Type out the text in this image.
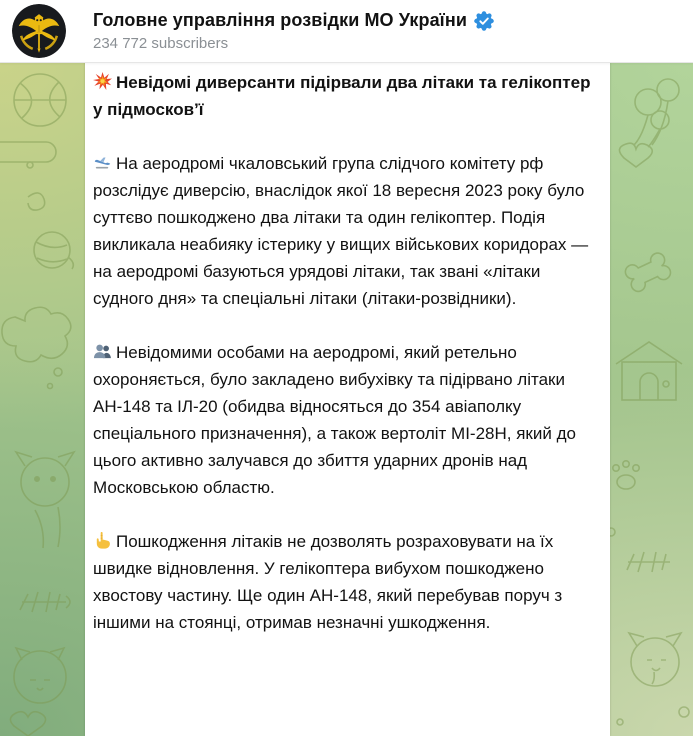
Головне управління розвідки МО України
234 772 subscribers

Невідомі диверсанти підірвали два літаки та гелікоптер у підмосков’ї

На аеродромі чкаловський група слідчого комітету рф розслідує диверсію, внаслідок якої 18 вересня 2023 року було суттєво пошкоджено два літаки та один гелікоптер. Подія викликала неабияку істерику у вищих військових коридорах — на аеродромі базуються урядові літаки, так звані «літаки судного дня» та спеціальні літаки (літаки-розвідники).

Невідомими особами на аеродромі, який ретельно охороняється, було закладено вибухівку та підірвано літаки АН-148 та ІЛ-20 (обидва відносяться до 354 авіаполку спеціального призначення), а також вертоліт МІ-28Н, який до цього активно залучався до збиття ударних дронів над Московською областю.

Пошкодження літаків не дозволять розраховувати на їх швидке відновлення. У гелікоптера вибухом пошкоджено хвостову частину. Ще один АН-148, який перебував поруч з іншими на стоянці, отримав незначні ушкодження.
